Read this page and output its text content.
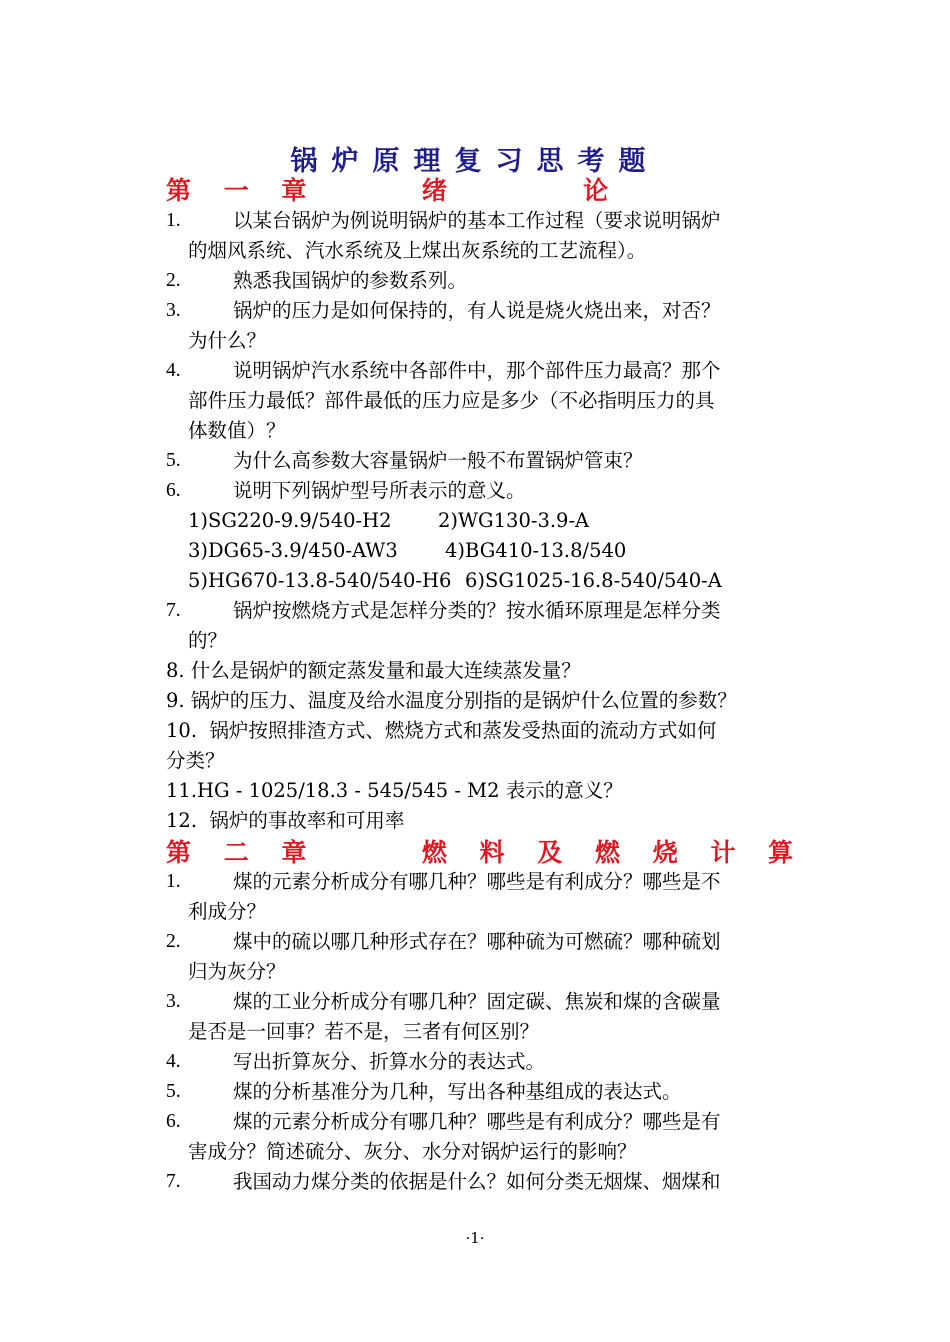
锅炉原理复习思考题
第 一 章     绪      论
1.	以某台锅炉为例说明锅炉的基本工作过程（要求说明锅炉
的烟风系统、汽水系统及上煤出灰系统的工艺流程）。
2.	熟悉我国锅炉的参数系列。
3.	锅炉的压力是如何保持的，有人说是烧火烧出来，对否？
为什么？
4.	说明锅炉汽水系统中各部件中，那个部件压力最高？那个
部件压力最低？部件最低的压力应是多少（不必指明压力的具
体数值）？
5.	为什么高参数大容量锅炉一般不布置锅炉管束？
6.	说明下列锅炉型号所表示的意义。
1)SG220-9.9/540-H2 2)WG130-3.9-A
3)DG65-3.9/450-AW3 4)BG410-13.8/540
5)HG670-13.8-540/540-H6 6)SG1025-16.8-540/540-A
7.	锅炉按燃烧方式是怎样分类的？按水循环原理是怎样分类
的？
8. 什么是锅炉的额定蒸发量和最大连续蒸发量？
9. 锅炉的压力、温度及给水温度分别指的是锅炉什么位置的参数？
10.  锅炉按照排渣方式、燃烧方式和蒸发受热面的流动方式如何
分类？
11.HG - 1025/18.3 - 545/545 - M2 表示的意义？
12.  锅炉的事故率和可用率
第 二 章     燃 料 及 燃 烧 计 算
1.	煤的元素分析成分有哪几种？哪些是有利成分？哪些是不
利成分？
2.	煤中的硫以哪几种形式存在？哪种硫为可燃硫？哪种硫划
归为灰分？
3.	煤的工业分析成分有哪几种？固定碳、焦炭和煤的含碳量
是否是一回事？若不是，三者有何区别？
4.	写出折算灰分、折算水分的表达式。
5.	煤的分析基准分为几种，写出各种基组成的表达式。
6.	煤的元素分析成分有哪几种？哪些是有利成分？哪些是有
害成分？简述硫分、灰分、水分对锅炉运行的影响？
7.	我国动力煤分类的依据是什么？如何分类无烟煤、烟煤和
·1·
